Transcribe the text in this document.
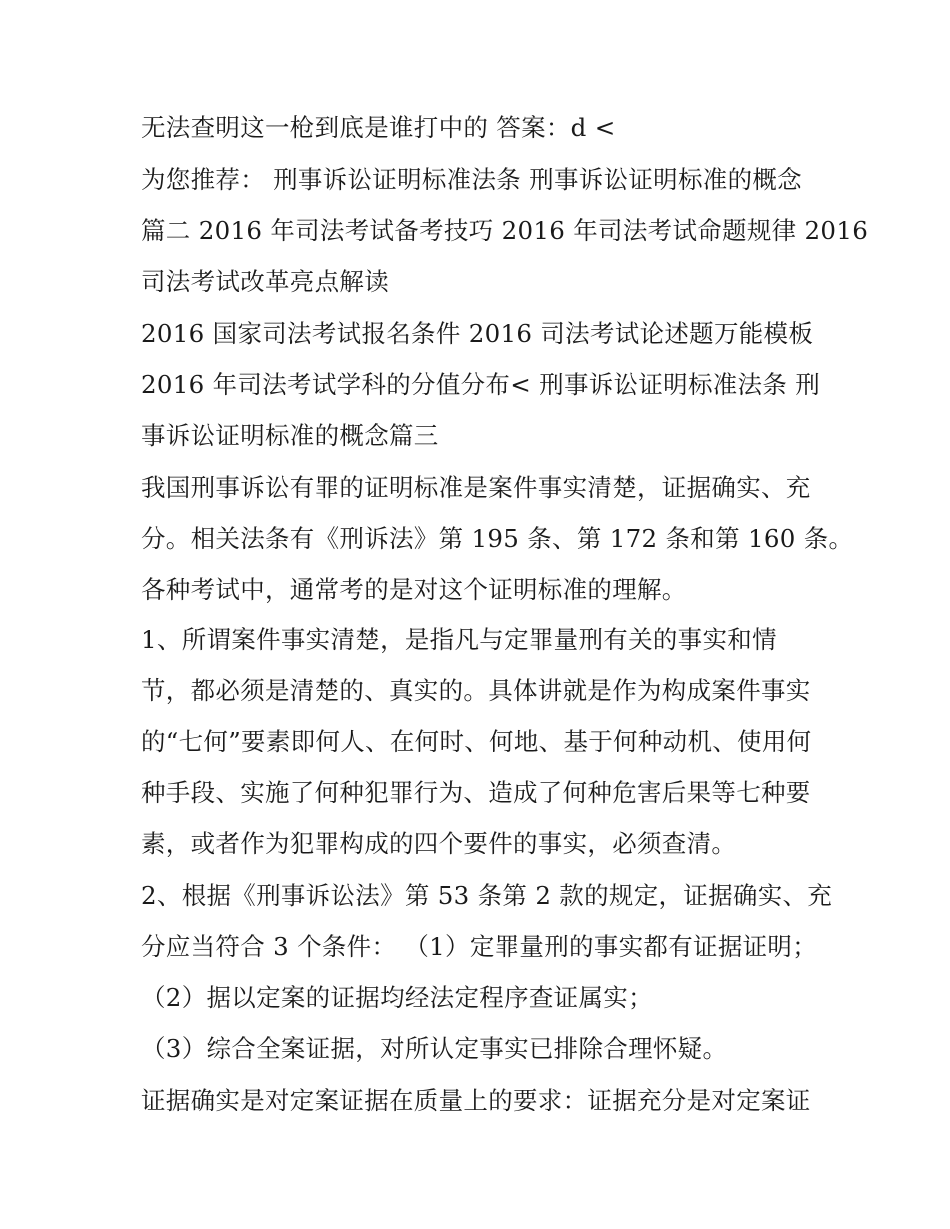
无法查明这一枪到底是谁打中的 答案：d <
为您推荐： 刑事诉讼证明标准法条 刑事诉讼证明标准的概念
篇二 2016 年司法考试备考技巧 2016 年司法考试命题规律 2016
司法考试改革亮点解读
2016 国家司法考试报名条件 2016 司法考试论述题万能模板
2016 年司法考试学科的分值分布< 刑事诉讼证明标准法条 刑
事诉讼证明标准的概念篇三
我国刑事诉讼有罪的证明标准是案件事实清楚，证据确实、充
分。相关法条有《刑诉法》第 195 条、第 172 条和第 160 条。
各种考试中，通常考的是对这个证明标准的理解。
1、所谓案件事实清楚，是指凡与定罪量刑有关的事实和情
节，都必须是清楚的、真实的。具体讲就是作为构成案件事实
的“七何”要素即何人、在何时、何地、基于何种动机、使用何
种手段、实施了何种犯罪行为、造成了何种危害后果等七种要
素，或者作为犯罪构成的四个要件的事实，必须查清。
2、根据《刑事诉讼法》第 53 条第 2 款的规定，证据确实、充
分应当符合 3 个条件： （1）定罪量刑的事实都有证据证明；
（2）据以定案的证据均经法定程序查证属实；
（3）综合全案证据，对所认定事实已排除合理怀疑。
证据确实是对定案证据在质量上的要求：证据充分是对定案证
